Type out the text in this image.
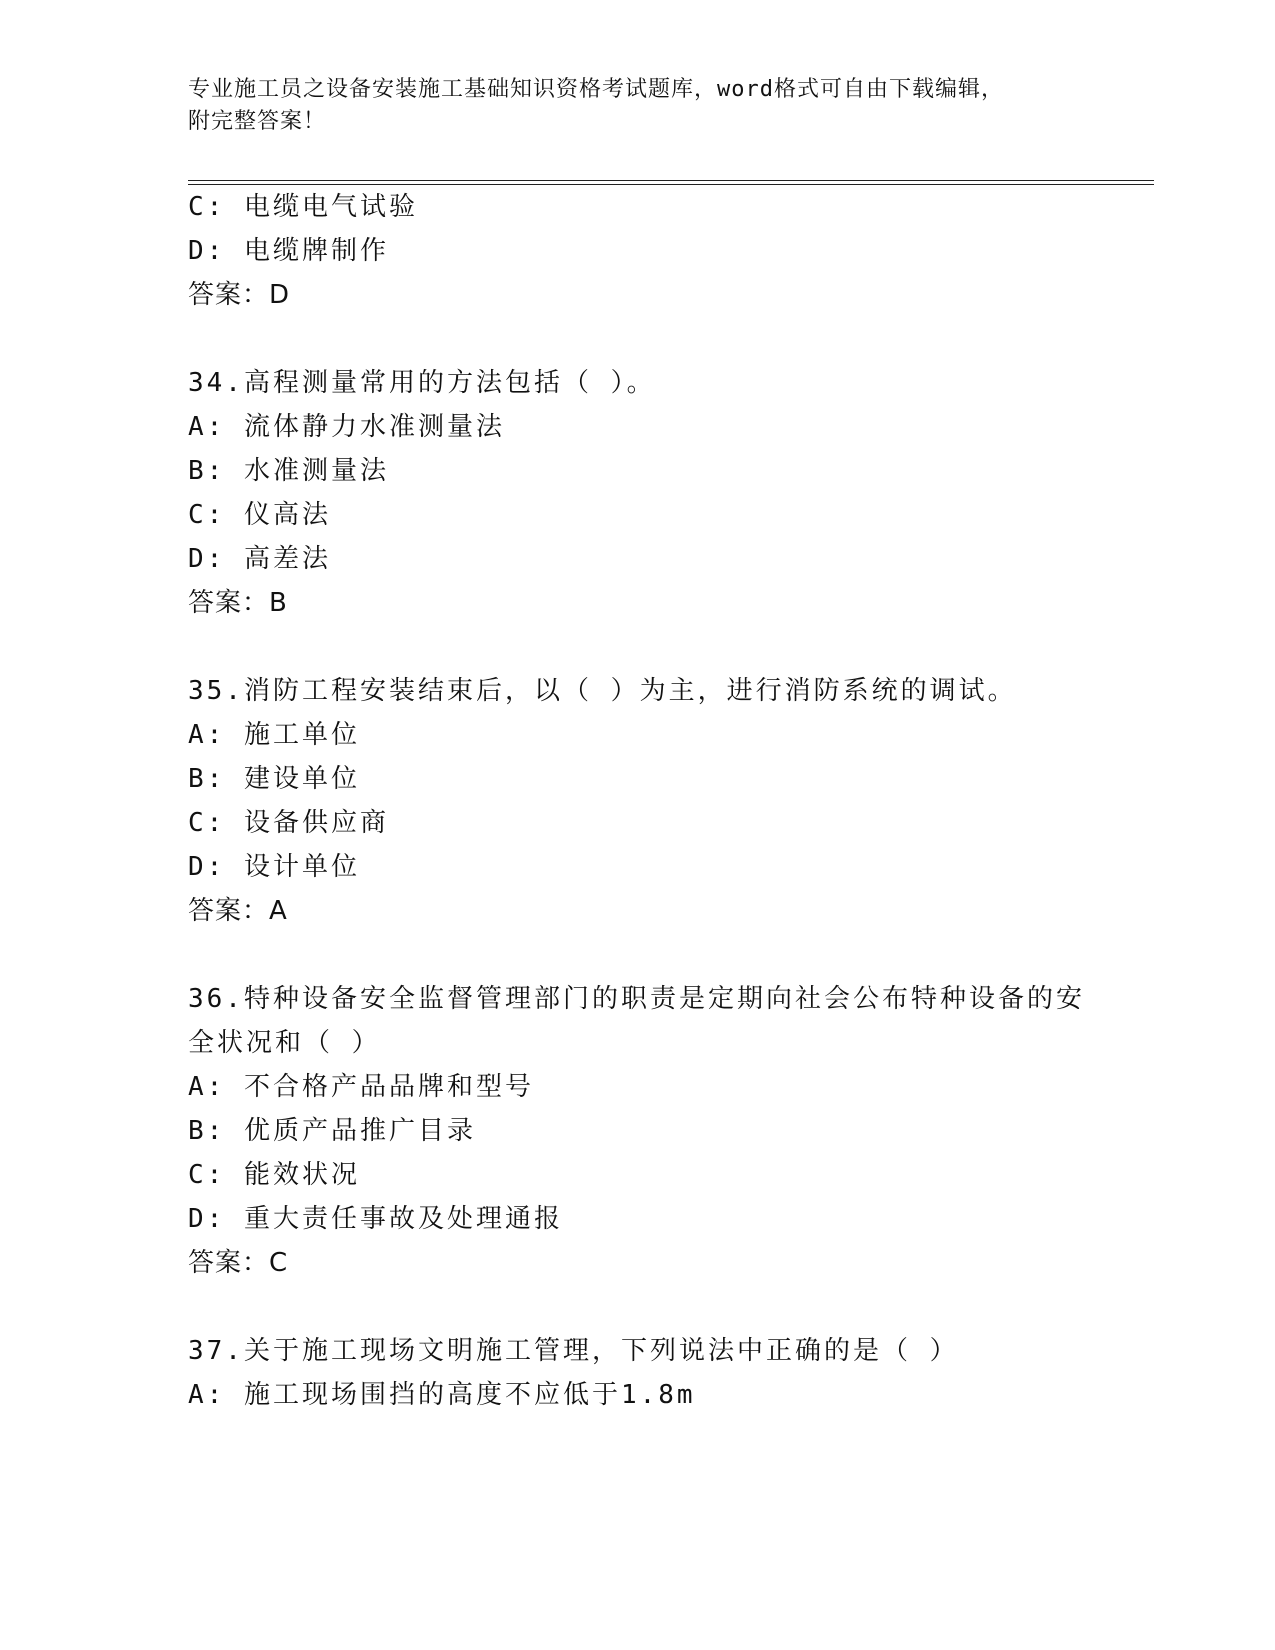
专业施工员之设备安装施工基础知识资格考试题库，word格式可自由下载编辑，
附完整答案！
C: 电缆电气试验
D: 电缆牌制作
答案：D
34.高程测量常用的方法包括（ ）。
A: 流体静力水准测量法
B: 水准测量法
C: 仪高法
D: 高差法
答案：B
35.消防工程安装结束后，以（ ）为主，进行消防系统的调试。
A: 施工单位
B: 建设单位
C: 设备供应商
D: 设计单位
答案：A
36.特种设备安全监督管理部门的职责是定期向社会公布特种设备的安
全状况和（ ）
A: 不合格产品品牌和型号
B: 优质产品推广目录
C: 能效状况
D: 重大责任事故及处理通报
答案：C
37.关于施工现场文明施工管理，下列说法中正确的是（ ）
A: 施工现场围挡的高度不应低于1.8m
